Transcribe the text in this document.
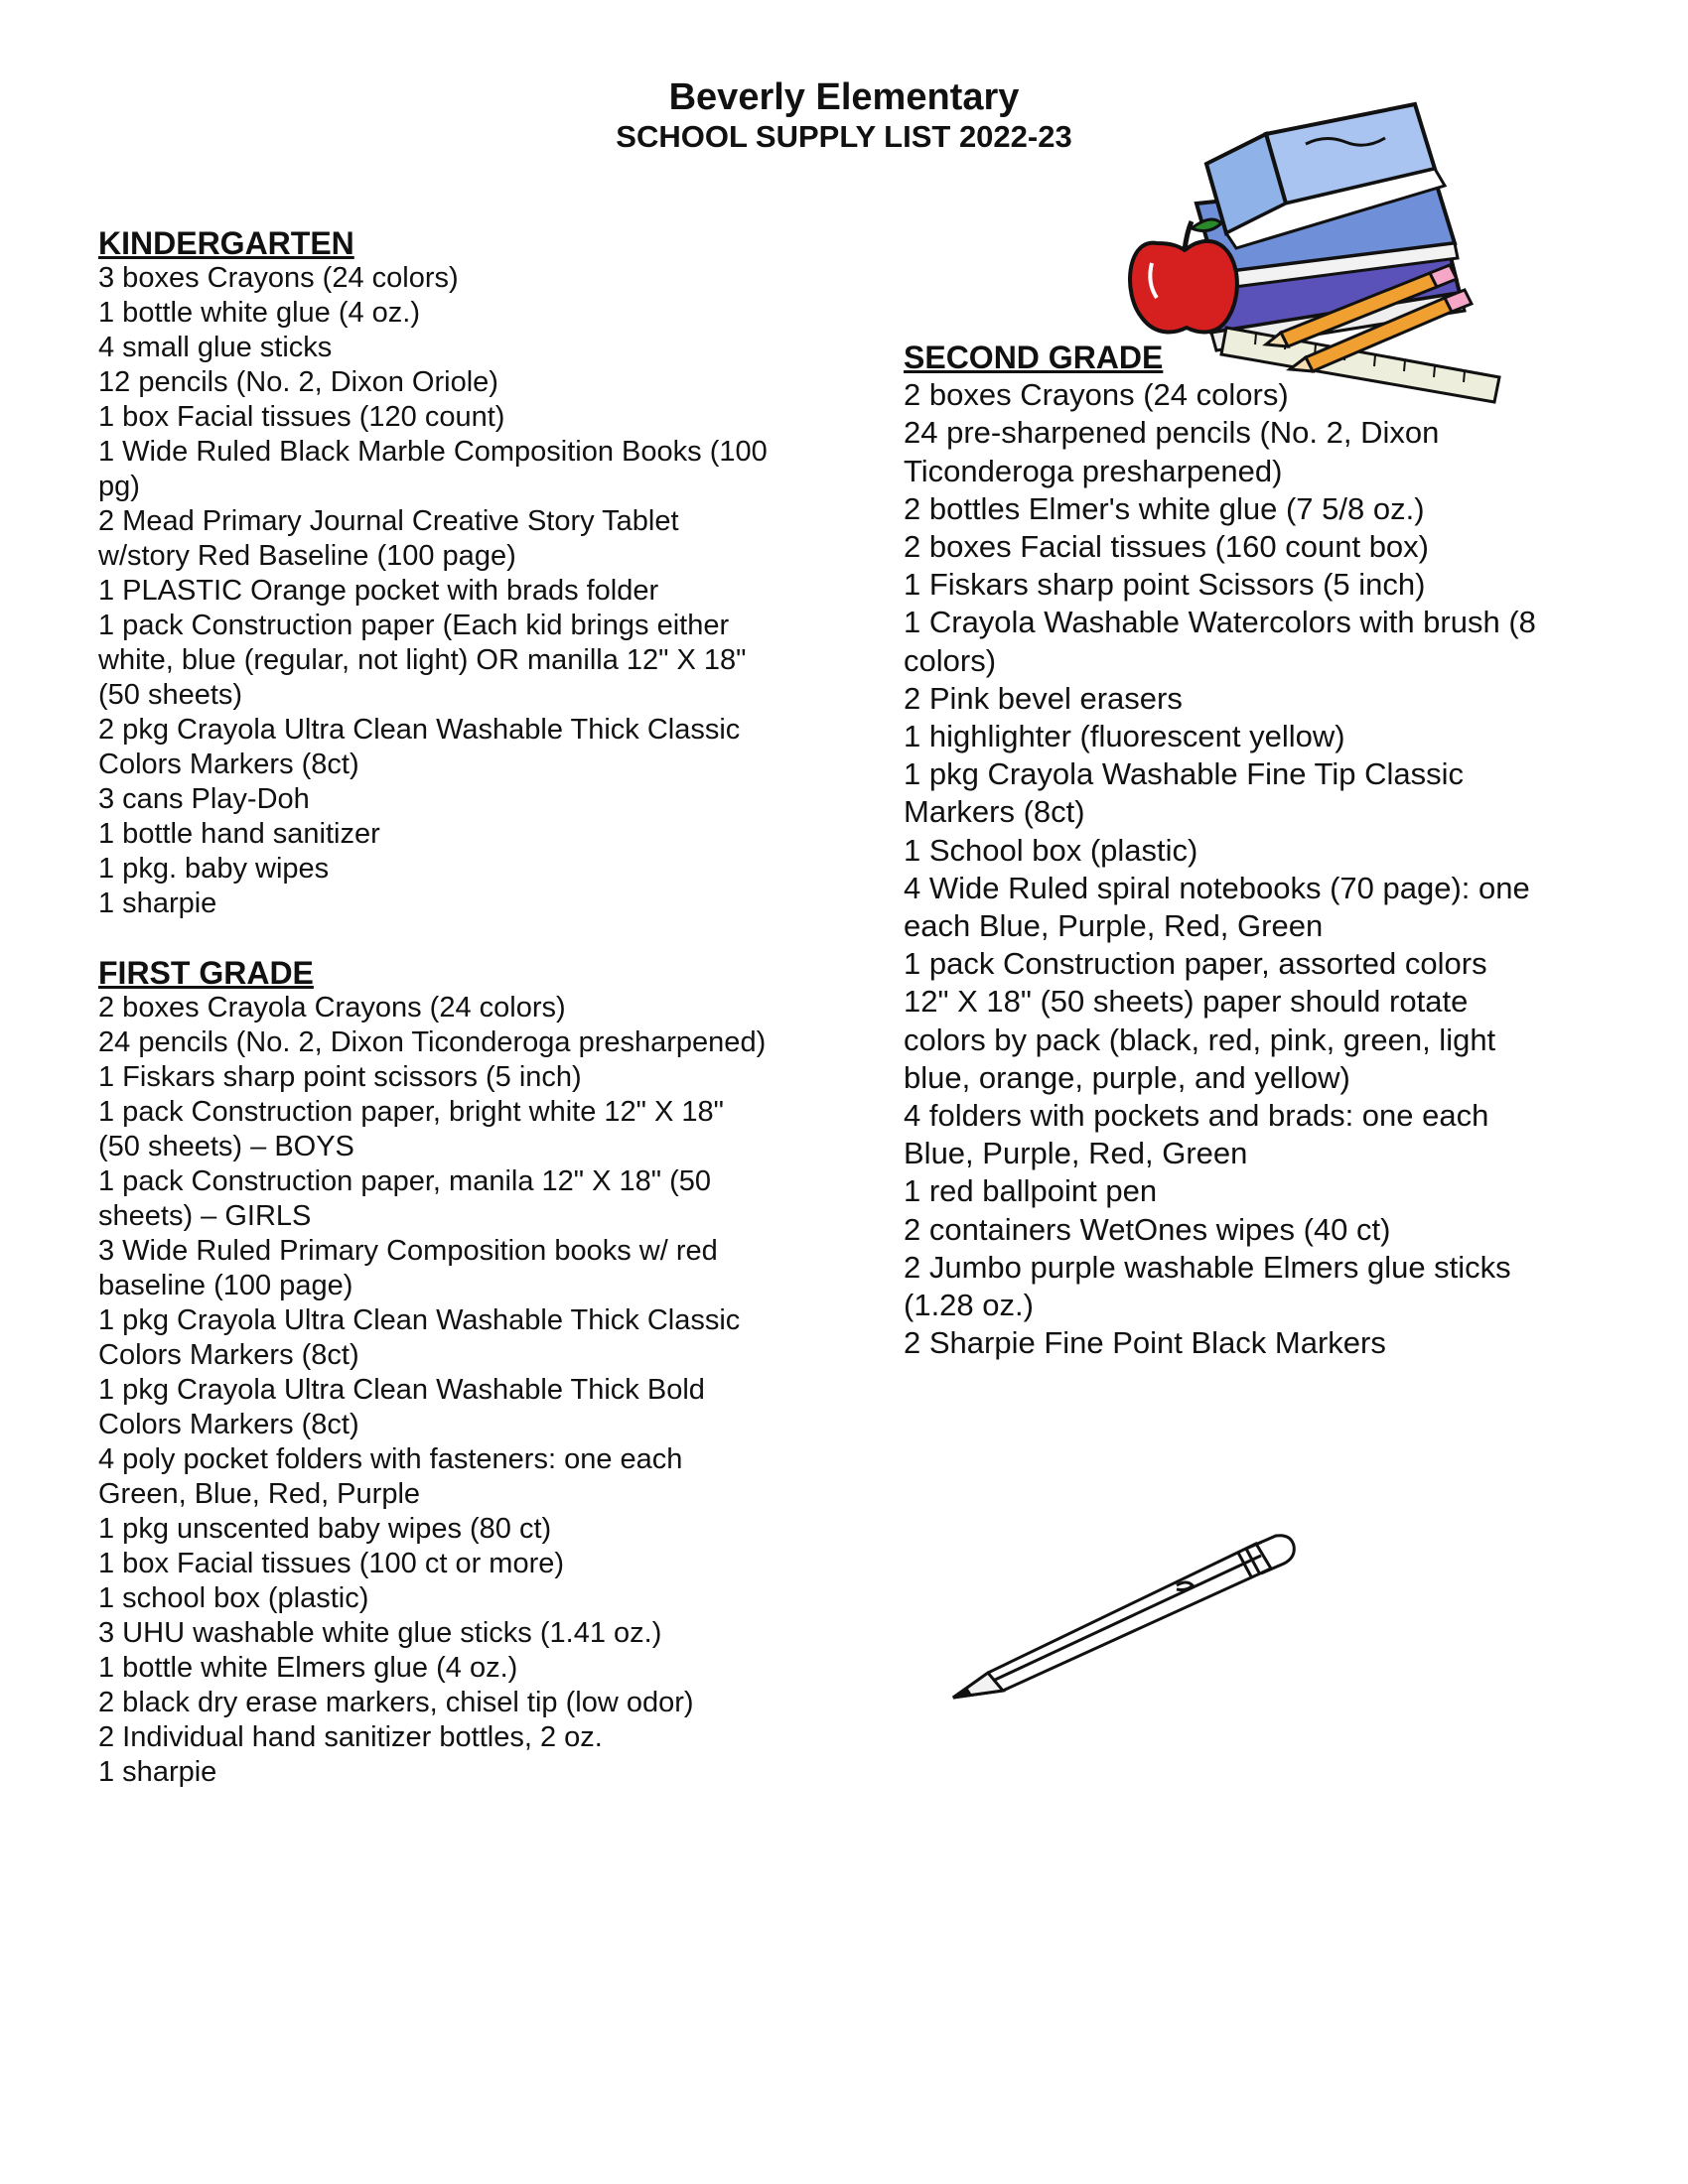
Beverly Elementary
SCHOOL SUPPLY LIST 2022-23
KINDERGARTEN
3 boxes Crayons (24 colors)
1 bottle white glue (4 oz.)
4 small glue sticks
12 pencils (No. 2, Dixon Oriole)
1 box Facial tissues (120 count)
1 Wide Ruled Black Marble Composition Books (100
pg)
2 Mead Primary Journal Creative Story Tablet
w/story Red Baseline (100 page)
1 PLASTIC Orange pocket with brads folder
1 pack Construction paper (Each kid brings either
white, blue (regular, not light) OR manilla 12" X 18"
(50 sheets)
2 pkg Crayola Ultra Clean Washable Thick Classic
Colors Markers (8ct)
3 cans Play-Doh
1 bottle hand sanitizer
1 pkg. baby wipes
1 sharpie
FIRST GRADE
2 boxes Crayola Crayons (24 colors)
24 pencils (No. 2, Dixon Ticonderoga presharpened)
1 Fiskars sharp point scissors (5 inch)
1 pack Construction paper, bright white 12" X 18"
(50 sheets) – BOYS
1 pack Construction paper, manila 12" X 18" (50
sheets) – GIRLS
3 Wide Ruled Primary Composition books w/ red
baseline (100 page)
1 pkg Crayola Ultra Clean Washable Thick Classic
Colors Markers (8ct)
1 pkg Crayola Ultra Clean Washable Thick Bold
Colors Markers (8ct)
4 poly pocket folders with fasteners: one each
Green, Blue, Red, Purple
1 pkg unscented baby wipes (80 ct)
1 box Facial tissues (100 ct or more)
1 school box (plastic)
3 UHU washable white glue sticks (1.41 oz.)
1 bottle white Elmers glue (4 oz.)
2 black dry erase markers, chisel tip (low odor)
2 Individual hand sanitizer bottles, 2 oz.
1 sharpie
SECOND GRADE
2 boxes Crayons (24 colors)
24 pre-sharpened pencils (No. 2, Dixon
Ticonderoga presharpened)
2 bottles Elmer's white glue (7 5/8 oz.)
2 boxes Facial tissues (160 count box)
1 Fiskars sharp point Scissors (5 inch)
1 Crayola Washable Watercolors with brush (8
colors)
2 Pink bevel erasers
1 highlighter (fluorescent yellow)
1 pkg Crayola Washable Fine Tip Classic
Markers (8ct)
1 School box (plastic)
4 Wide Ruled spiral notebooks (70 page): one
each Blue, Purple, Red, Green
1 pack Construction paper, assorted colors
12" X 18" (50 sheets) paper should rotate
colors by pack (black, red, pink, green, light
blue, orange, purple, and yellow)
4 folders with pockets and brads: one each
Blue, Purple, Red, Green
1 red ballpoint pen
2 containers WetOnes wipes (40 ct)
2 Jumbo purple washable Elmers glue sticks
(1.28 oz.)
2 Sharpie Fine Point Black Markers
